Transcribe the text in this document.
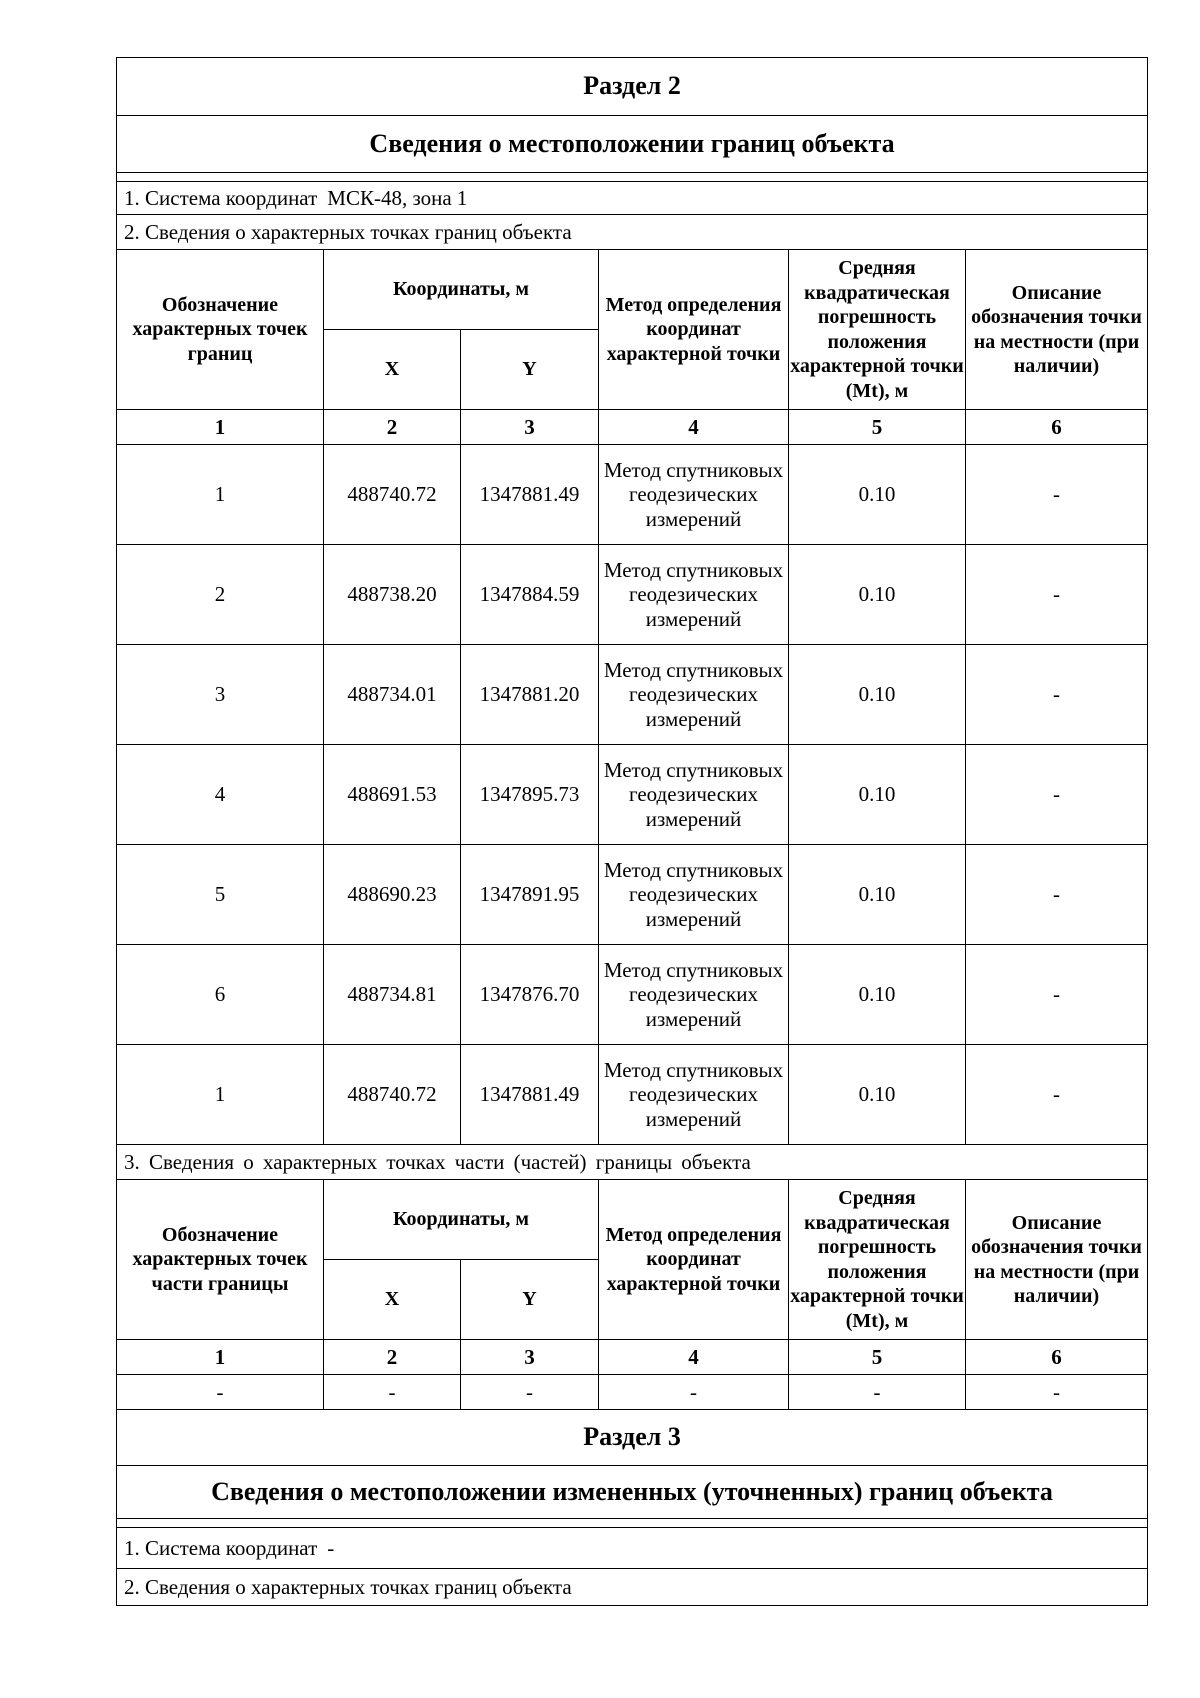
Раздел 2					
Сведения о местоположении границ объекта					

1. Система координат МСК-48, зона 1					
2. Сведения о характерных точках границ объекта					
Обозначение характерных точек границ	Координаты, м		Метод определения координат характерной точки	Средняя квадратическая погрешность положения характерной точки (Mt), м	Описание обозначения точки на местности (при наличии)
	X	Y			
1	2	3	4	5	6
1	488740.72	1347881.49	Метод спутниковых геодезических измерений	0.10	-
2	488738.20	1347884.59	Метод спутниковых геодезических измерений	0.10	-
3	488734.01	1347881.20	Метод спутниковых геодезических измерений	0.10	-
4	488691.53	1347895.73	Метод спутниковых геодезических измерений	0.10	-
5	488690.23	1347891.95	Метод спутниковых геодезических измерений	0.10	-
6	488734.81	1347876.70	Метод спутниковых геодезических измерений	0.10	-
1	488740.72	1347881.49	Метод спутниковых геодезических измерений	0.10	-
3. Сведения о характерных точках части (частей) границы объекта					
Обозначение характерных точек части границы	Координаты, м		Метод определения координат характерной точки	Средняя квадратическая погрешность положения характерной точки (Mt), м	Описание обозначения точки на местности (при наличии)
	X	Y			
1	2	3	4	5	6
-	-	-	-	-	-
Раздел 3					
Сведения о местоположении измененных (уточненных) границ объекта					

1. Система координат -					
2. Сведения о характерных точках границ объекта					
